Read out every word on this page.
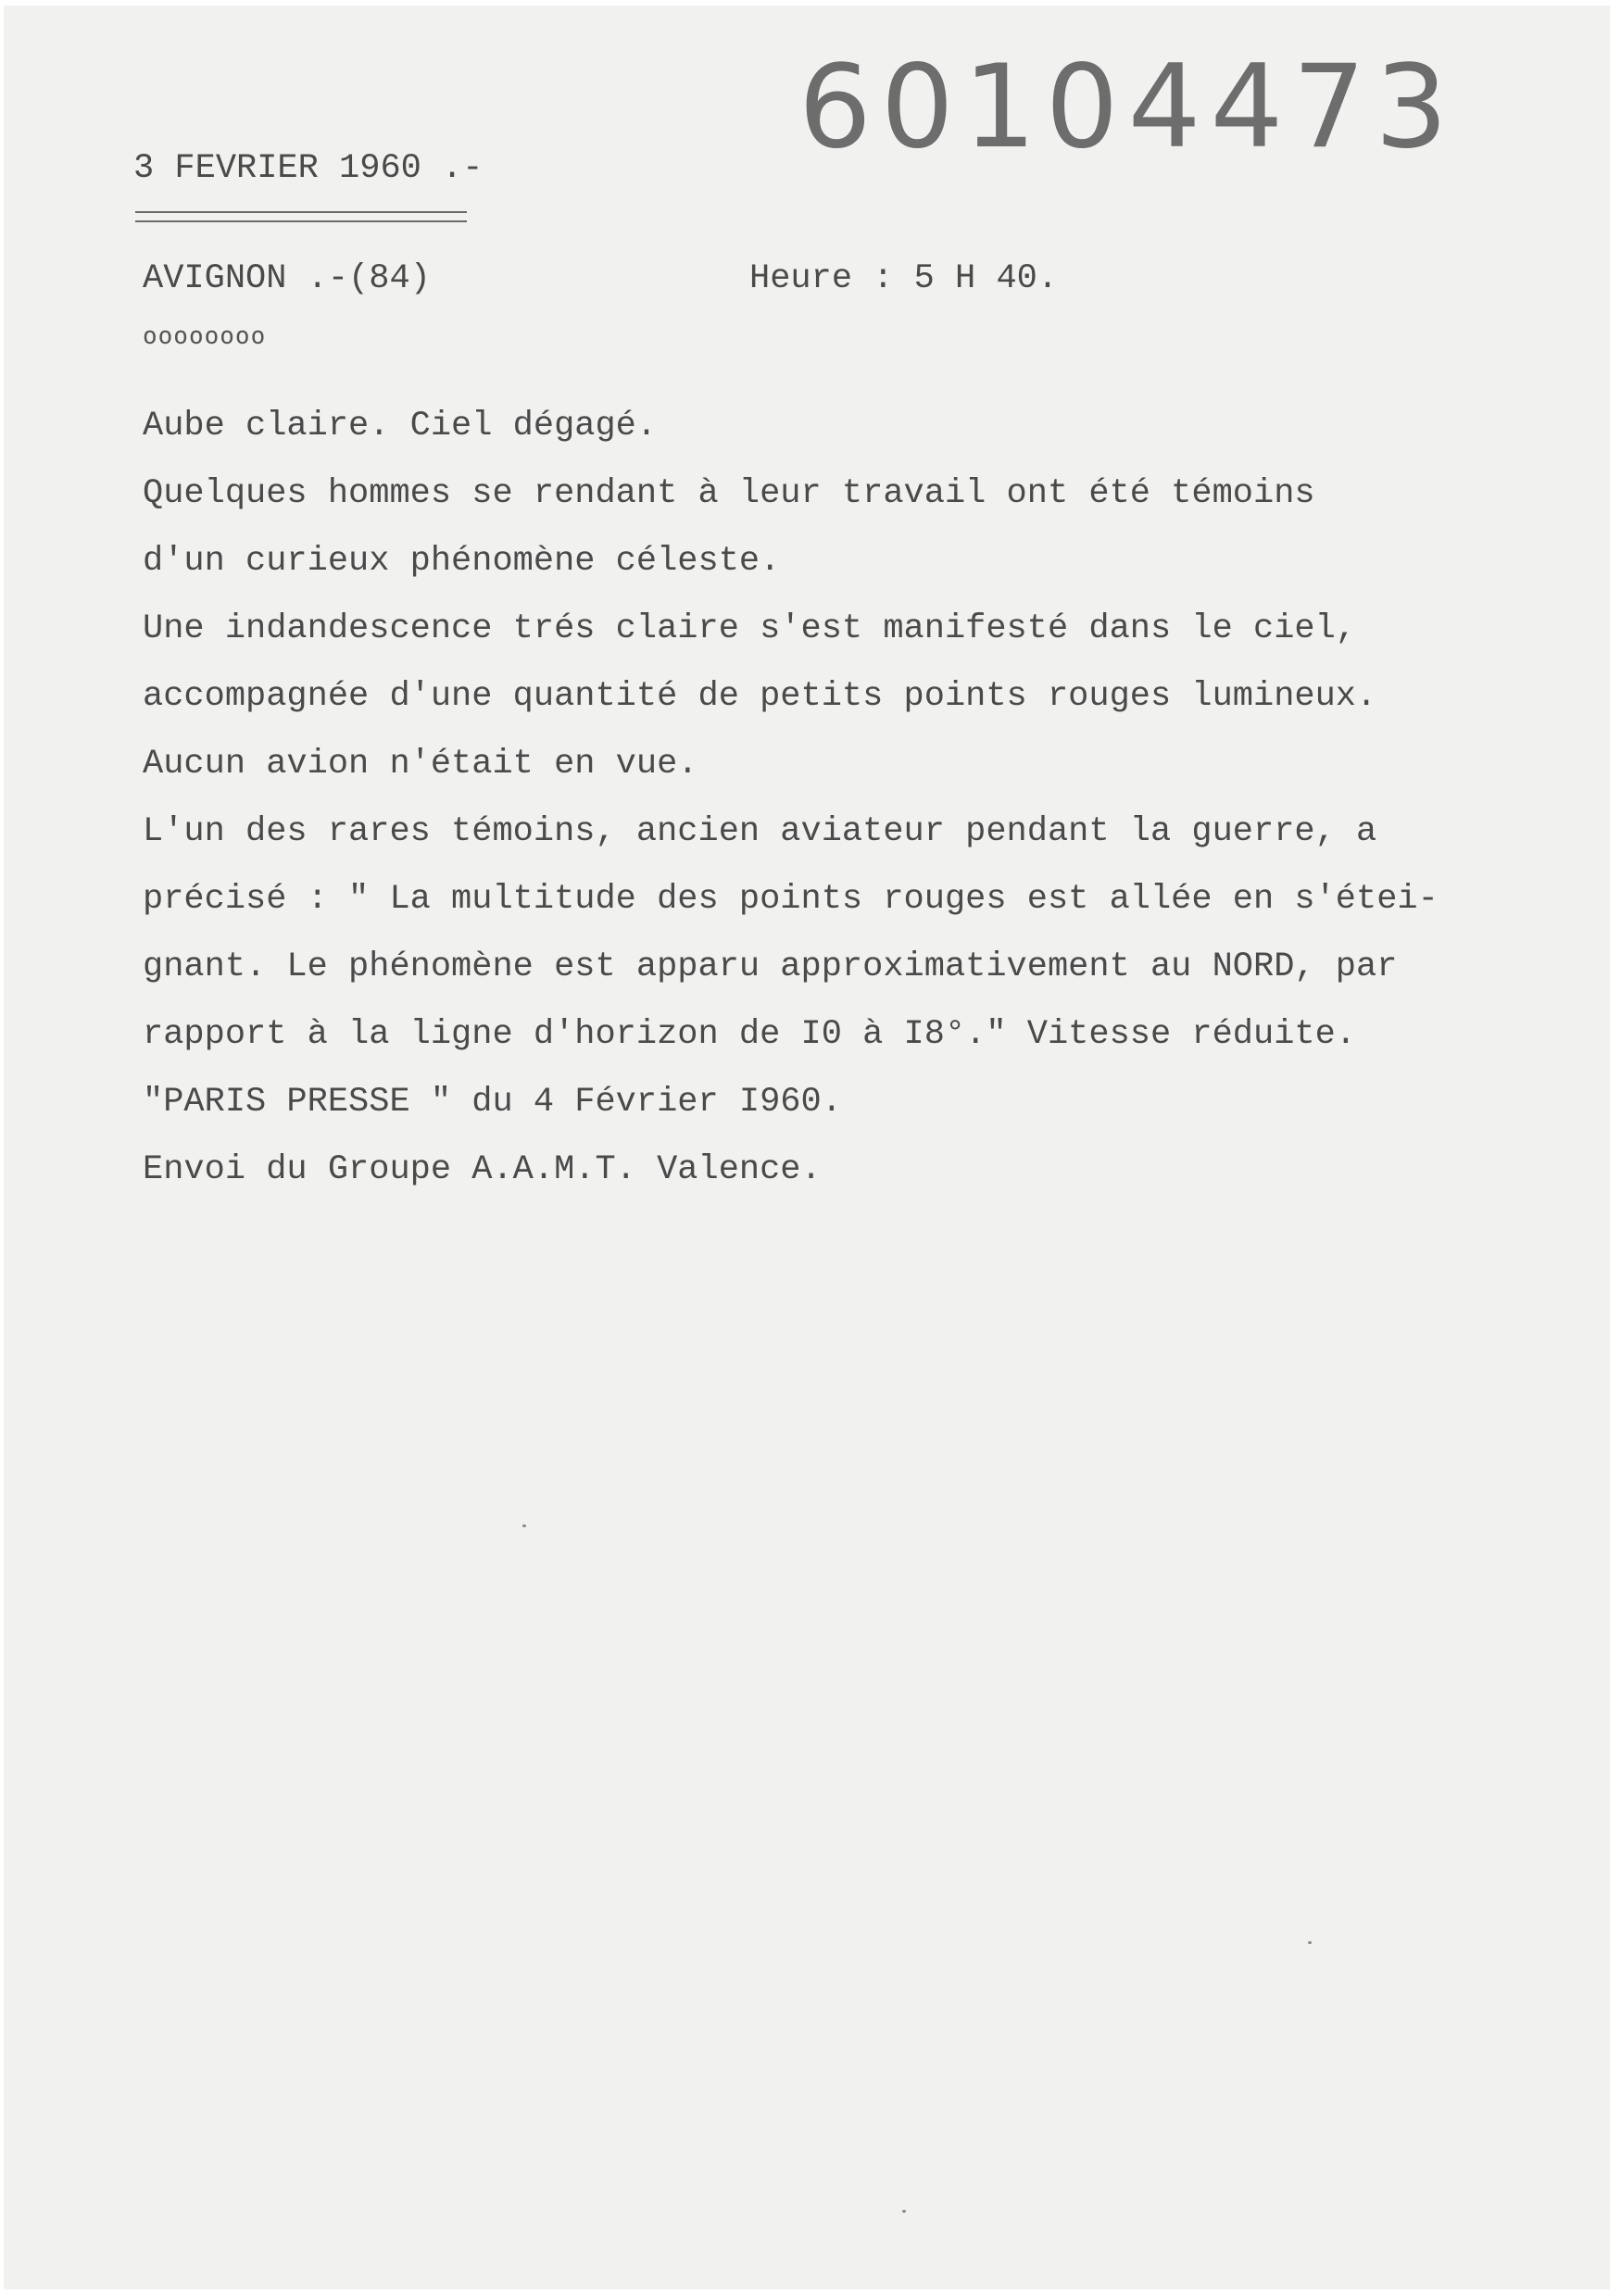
60104473
3 FEVRIER 1960 .-
AVIGNON .-(84)	Heure : 5 H 40.
oooooooo
Aube claire. Ciel dégagé.
Quelques hommes se rendant à leur travail ont été témoins
d'un curieux phénomène céleste.
Une indandescence trés claire s'est manifesté dans le ciel,
accompagnée d'une quantité de petits points rouges lumineux.
Aucun avion n'était en vue.
L'un des rares témoins, ancien aviateur pendant la guerre, a
précisé : " La multitude des points rouges est allée en s'étei-
gnant. Le phénomène est apparu approximativement au NORD, par
rapport à la ligne d'horizon de I0 à I8°." Vitesse réduite.
"PARIS PRESSE " du 4 Février I960.
Envoi du Groupe A.A.M.T. Valence.
